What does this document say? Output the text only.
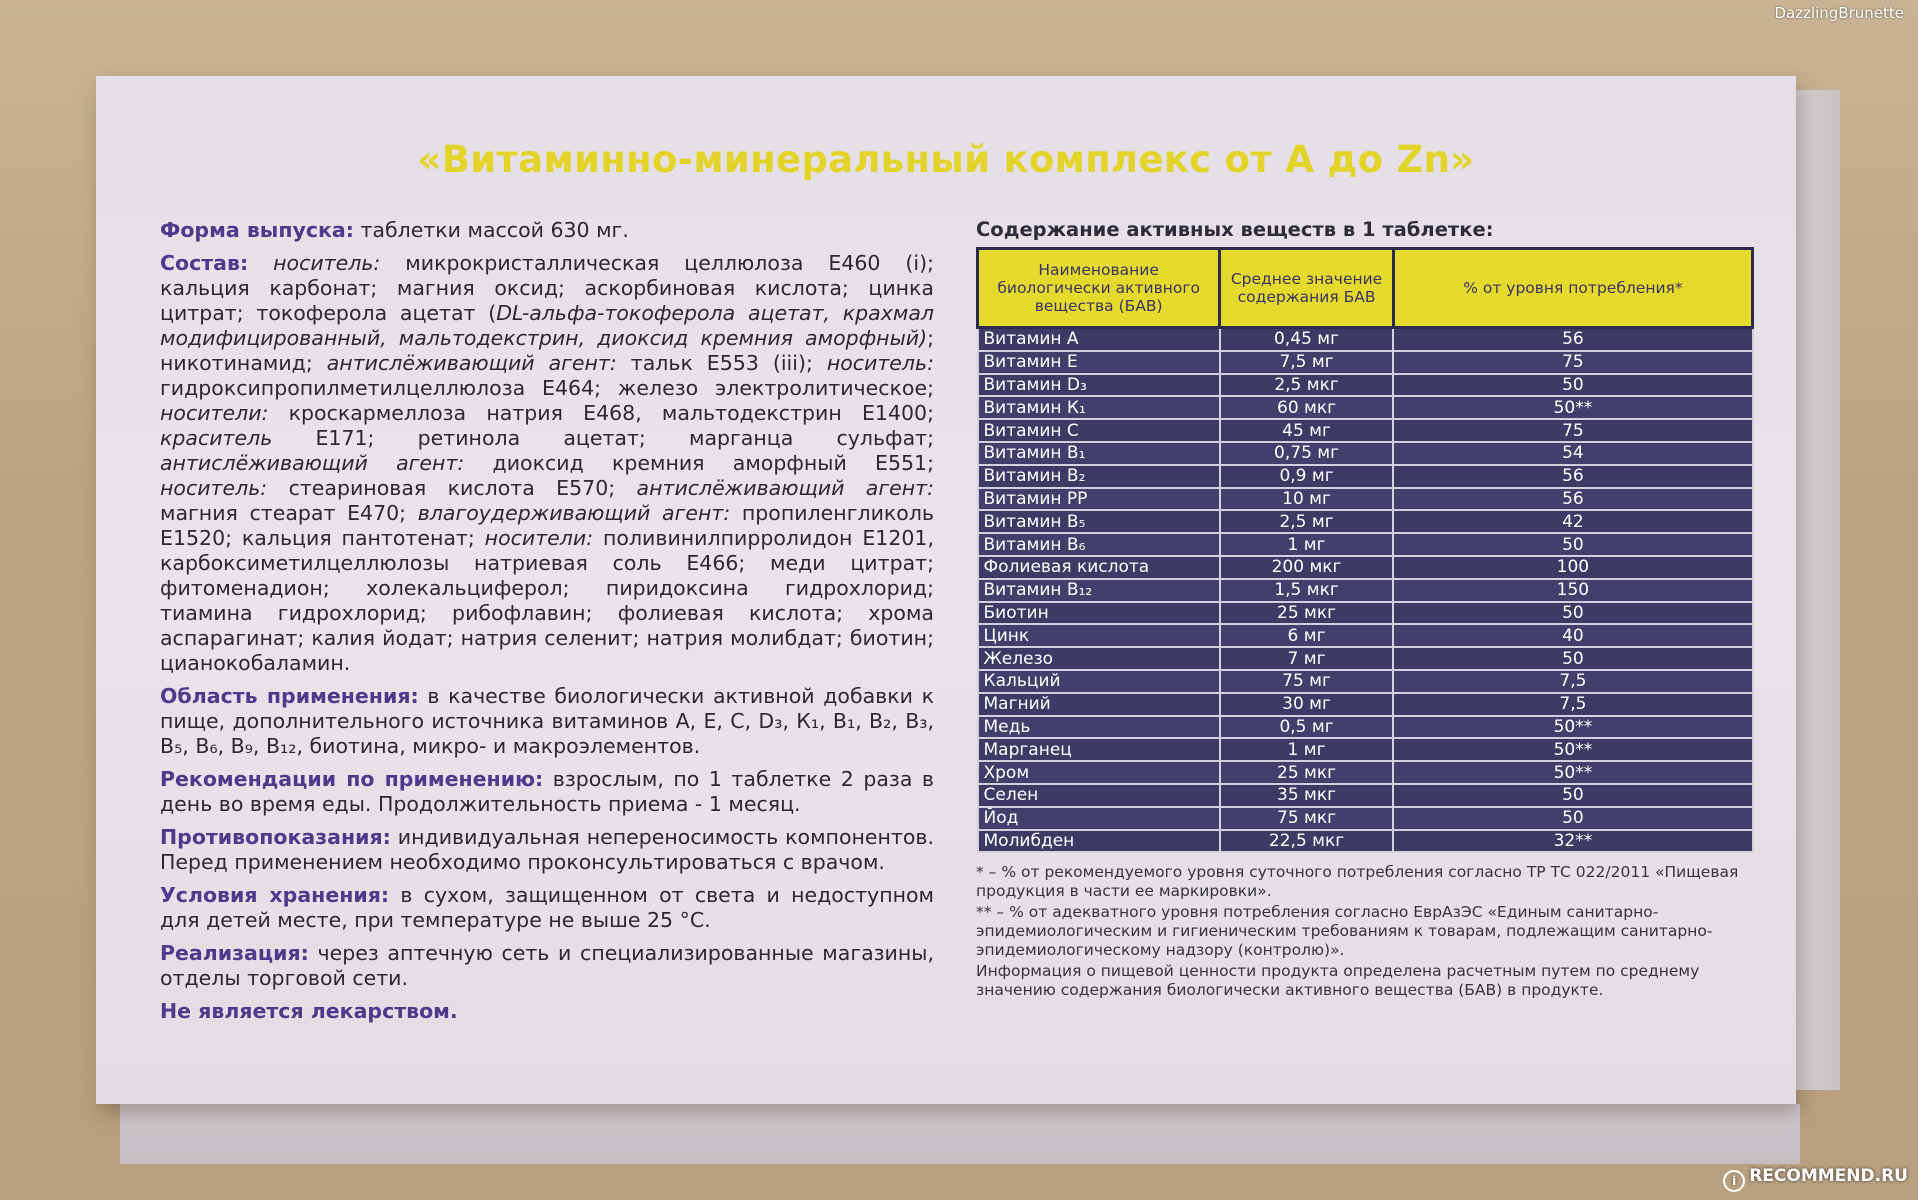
DazzlingBrunette
«Витаминно-минеральный комплекс от А до Zn»

Форма выпуска: таблетки массой 630 мг.

Состав: носитель: микрокристаллическая целлюлоза Е460 (i); кальция карбонат; магния оксид; аскорбиновая кислота; цинка цитрат; токоферола ацетат (DL-альфа-токоферола ацетат, крахмал модифицированный, мальтодекстрин, диоксид кремния аморфный); никотинамид; антислёживающий агент: тальк Е553 (iii); носитель: гидроксипропилметилцеллюлоза Е464; железо электролитическое; носители: кроскармеллоза натрия Е468, мальтодекстрин Е1400; краситель Е171; ретинола ацетат; марганца сульфат; антислёживающий агент: диоксид кремния аморфный Е551; носитель: стеариновая кислота Е570; антислёживающий агент: магния стеарат Е470; влагоудерживающий агент: пропиленгликоль Е1520; кальция пантотенат; носители: поливинилпирролидон Е1201, карбоксиметилцеллюлозы натриевая соль Е466; меди цитрат; фитоменадион; холекальциферол; пиридоксина гидрохлорид; тиамина гидрохлорид; рибофлавин; фолиевая кислота; хрома аспарагинат; калия йодат; натрия селенит; натрия молибдат; биотин; цианокобаламин.

Область применения: в качестве биологически активной добавки к пище, дополнительного источника витаминов А, Е, С, D₃, К₁, В₁, В₂, В₃, В₅, В₆, В₉, В₁₂, биотина, микро- и макроэлементов.

Рекомендации по применению: взрослым, по 1 таблетке 2 раза в день во время еды. Продолжительность приема - 1 месяц.

Противопоказания: индивидуальная непереносимость компонентов. Перед применением необходимо проконсультироваться с врачом.

Условия хранения: в сухом, защищенном от света и недоступном для детей месте, при температуре не выше 25 °С.

Реализация: через аптечную сеть и специализированные магазины, отделы торговой сети.

Не является лекарством.

Содержание активных веществ в 1 таблетке:
Наименование биологически активного вещества (БАВ)	Среднее значение содержания БАВ	% от уровня потребления*
Витамин А	0,45 мг	56
Витамин Е	7,5 мг	75
Витамин D₃	2,5 мкг	50
Витамин К₁	60 мкг	50**
Витамин С	45 мг	75
Витамин В₁	0,75 мг	54
Витамин В₂	0,9 мг	56
Витамин РР	10 мг	56
Витамин В₅	2,5 мг	42
Витамин В₆	1 мг	50
Фолиевая кислота	200 мкг	100
Витамин В₁₂	1,5 мкг	150
Биотин	25 мкг	50
Цинк	6 мг	40
Железо	7 мг	50
Кальций	75 мг	7,5
Магний	30 мг	7,5
Медь	0,5 мг	50**
Марганец	1 мг	50**
Хром	25 мкг	50**
Селен	35 мкг	50
Йод	75 мкг	50
Молибден	22,5 мкг	32**

* – % от рекомендуемого уровня суточного потребления согласно ТР ТС 022/2011 «Пищевая продукция в части ее маркировки».

** – % от адекватного уровня потребления согласно ЕврАзЭС «Единым санитарно-эпидемиологическим и гигиеническим требованиям к товарам, подлежащим санитарно-эпидемиологическому надзору (контролю)».

Информация о пищевой ценности продукта определена расчетным путем по среднему значению содержания биологически активного вещества (БАВ) в продукте.

i RECOMMEND.RU
